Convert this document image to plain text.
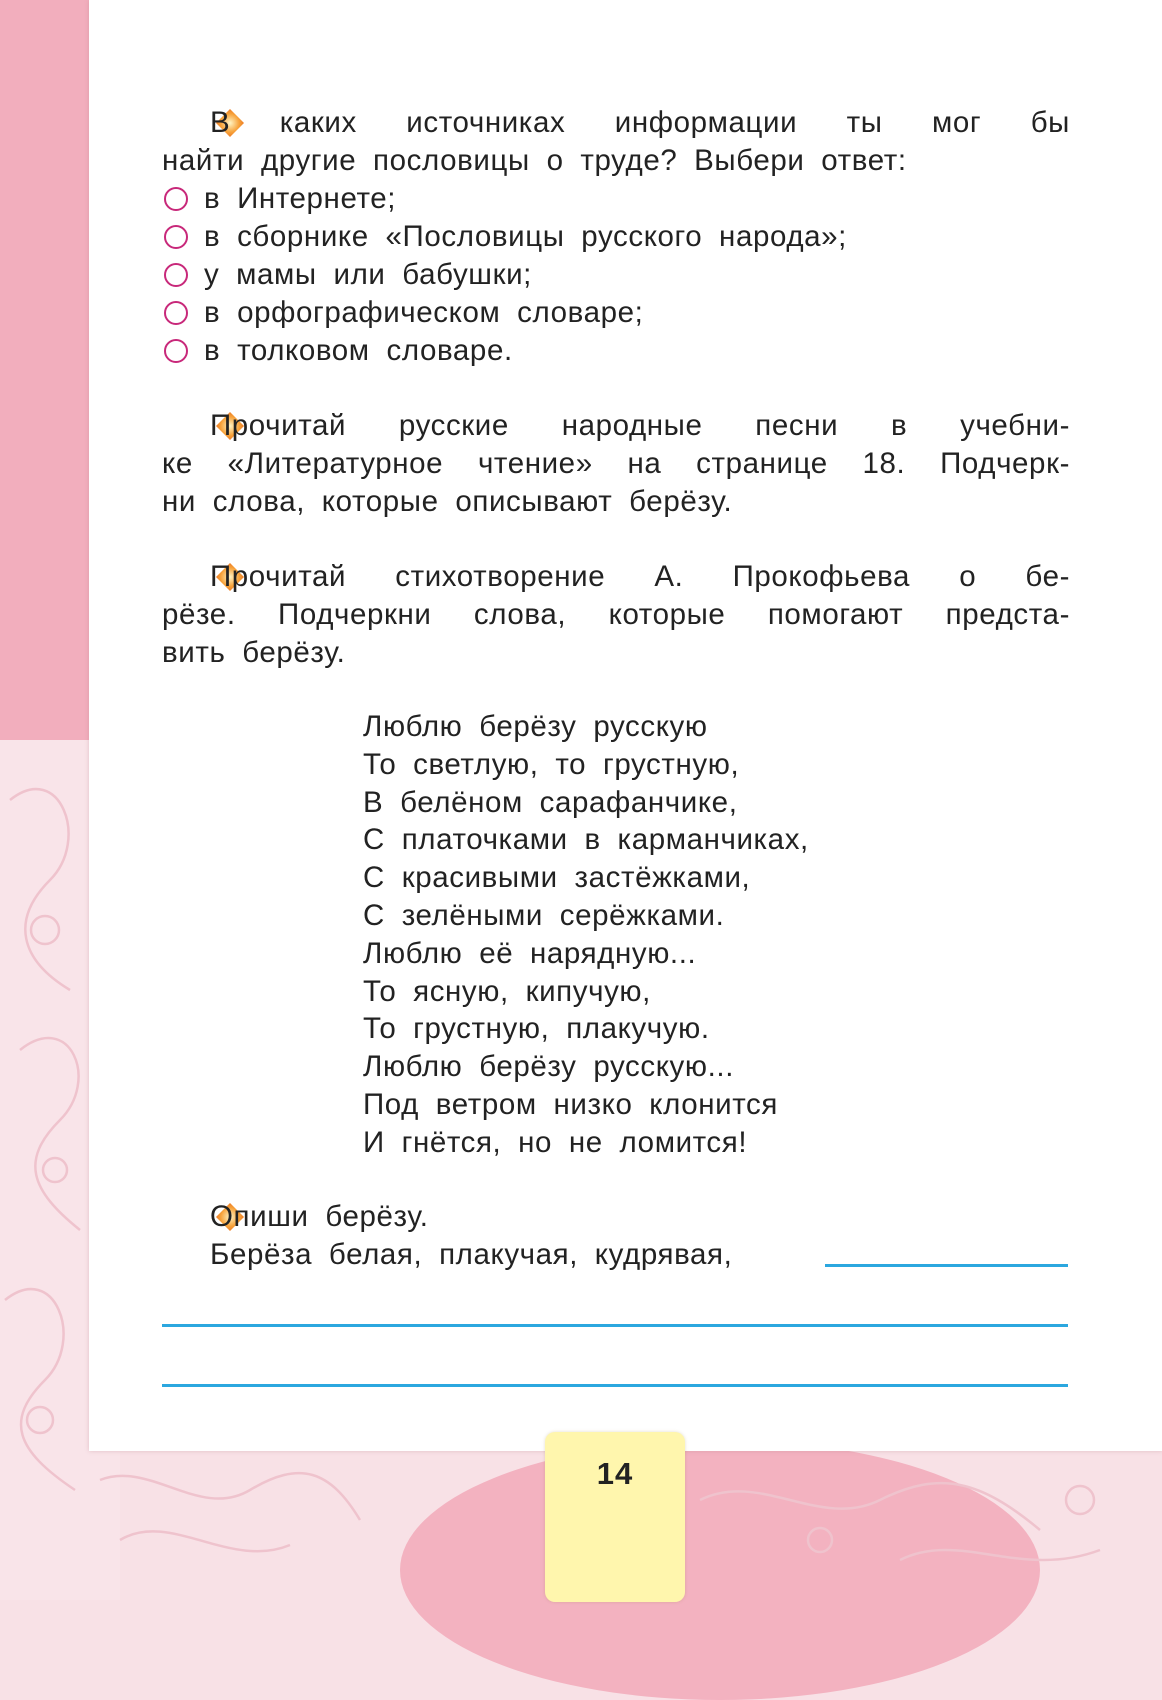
В каких источниках информации ты мог бы

найти другие пословицы о труде? Выбери ответ:

в Интернете;
в сборнике «Пословицы русского народа»;
у мамы или бабушки;
в орфографическом словаре;
в толковом словаре.

Прочитай русские народные песни в учебни-

ке «Литературное чтение» на странице 18. Подчерк-

ни слова, которые описывают берёзу.

Прочитай стихотворение А. Прокофьева о бе-

рёзе. Подчеркни слова, которые помогают предста-

вить берёзу.

Люблю берёзу русскую
То светлую, то грустную,
В белёном сарафанчике,
С платочками в карманчиках,
С красивыми застёжками,
С зелёными серёжками.
Люблю её нарядную...
То ясную, кипучую,
То грустную, плакучую.
Люблю берёзу русскую...
Под ветром низко клонится
И гнётся, но не ломится!

Опиши берёзу.

Берёза белая, плакучая, кудрявая,

14
